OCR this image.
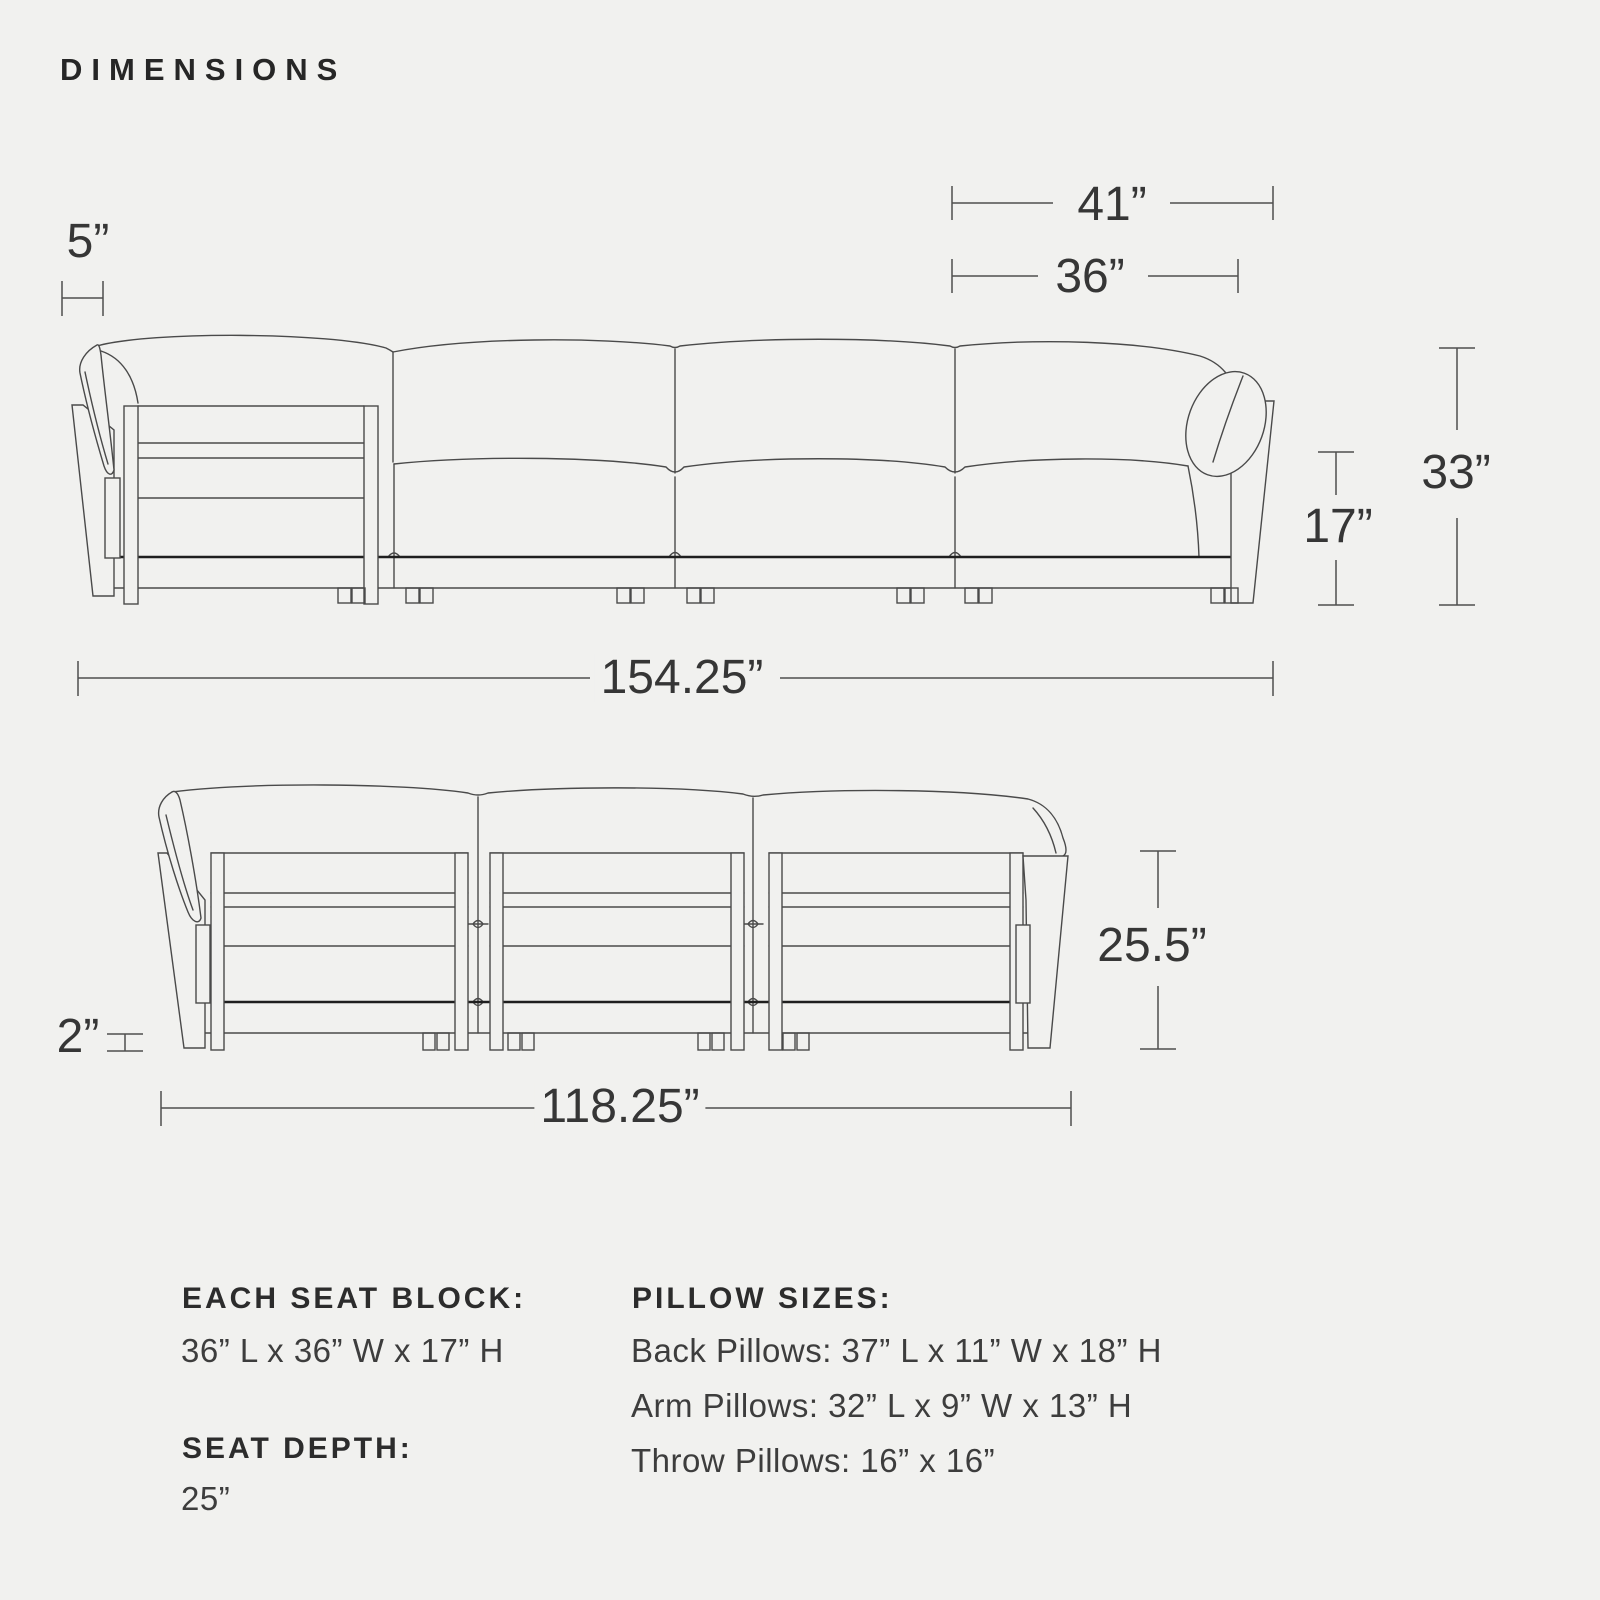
DIMENSIONS
5”
41”
36”
154.25”
17”
33”
2”
25.5”
118.25”
EACH SEAT BLOCK:
36” L x 36” W x 17” H
SEAT DEPTH:
25”
PILLOW SIZES:
Back Pillows: 37” L x 11” W x 18” H
Arm Pillows: 32” L x 9” W x 13” H
Throw Pillows: 16” x 16”
